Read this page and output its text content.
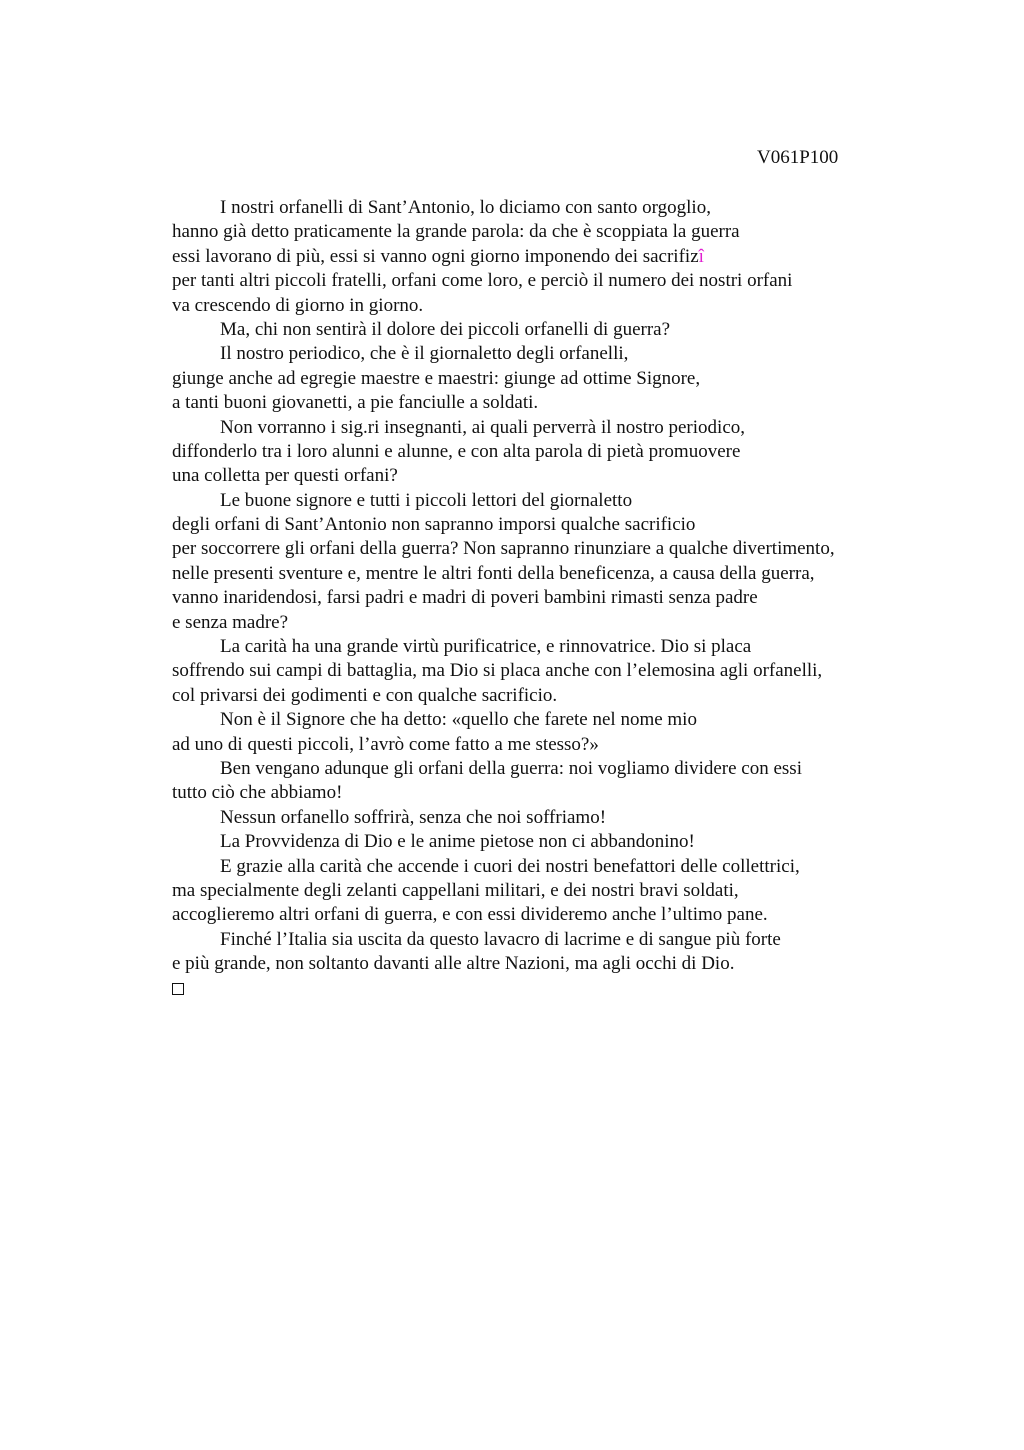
V061P100
I nostri orfanelli di Sant’Antonio, lo diciamo con santo orgoglio,
hanno già detto praticamente la grande parola: da che è scoppiata la guerra
essi lavorano di più, essi si vanno ogni giorno imponendo dei sacrifizî
per tanti altri piccoli fratelli, orfani come loro, e perciò il numero dei nostri orfani
va crescendo di giorno in giorno.
Ma, chi non sentirà il dolore dei piccoli orfanelli di guerra?
Il nostro periodico, che è il giornaletto degli orfanelli,
giunge anche ad egregie maestre e maestri: giunge ad ottime Signore,
a tanti buoni giovanetti, a pie fanciulle a soldati.
Non vorranno i sig.ri insegnanti, ai quali perverrà il nostro periodico,
diffonderlo tra i loro alunni e alunne, e con alta parola di pietà promuovere
una colletta per questi orfani?
Le buone signore e tutti i piccoli lettori del giornaletto
degli orfani di Sant’Antonio non sapranno imporsi qualche sacrificio
per soccorrere gli orfani della guerra? Non sapranno rinunziare a qualche divertimento,
nelle presenti sventure e, mentre le altri fonti della beneficenza, a causa della guerra,
vanno inaridendosi, farsi padri e madri di poveri bambini rimasti senza padre
e senza madre?
La carità ha una grande virtù purificatrice, e rinnovatrice. Dio si placa
soffrendo sui campi di battaglia, ma Dio si placa anche con l’elemosina agli orfanelli,
col privarsi dei godimenti e con qualche sacrificio.
Non è il Signore che ha detto: «quello che farete nel nome mio
ad uno di questi piccoli, l’avrò come fatto a me stesso?»
Ben vengano adunque gli orfani della guerra: noi vogliamo dividere con essi
tutto ciò che abbiamo!
Nessun orfanello soffrirà, senza che noi soffriamo!
La Provvidenza di Dio e le anime pietose non ci abbandonino!
E grazie alla carità che accende i cuori dei nostri benefattori delle collettrici,
ma specialmente degli zelanti cappellani militari, e dei nostri bravi soldati,
accoglieremo altri orfani di guerra, e con essi divideremo anche l’ultimo pane.
Finché l’Italia sia uscita da questo lavacro di lacrime e di sangue più forte
e più grande, non soltanto davanti alle altre Nazioni, ma agli occhi di Dio.
